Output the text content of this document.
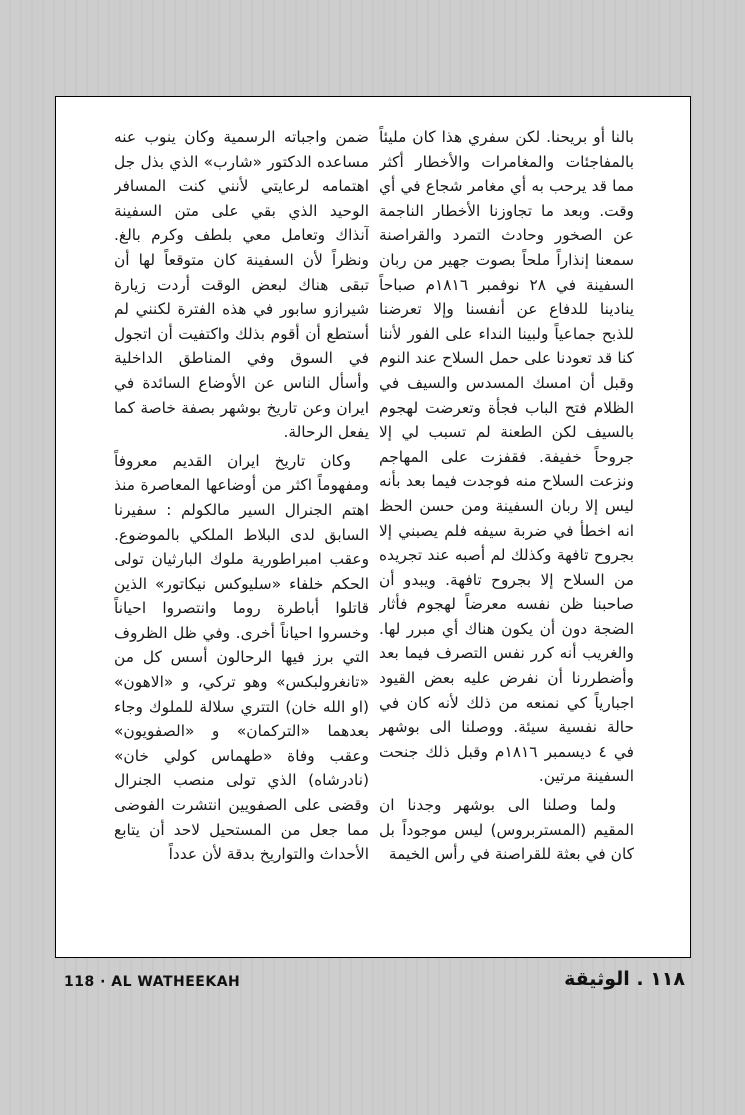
بالنا أو بريحنا. لكن سفري هذا كان مليئاً بالمفاجئات والمغامرات والأخطار أكثر مما قد يرحب به أي مغامر شجاع في أي وقت. وبعد ما تجاوزنا الأخطار الناجمة عن الصخور وحادث التمرد والقراصنة سمعنا إنذاراً ملحاً بصوت جهير من ربان السفينة في ٢٨ نوفمبر ١٨١٦م صباحاً ينادينا للدفاع عن أنفسنا وإلا تعرضنا للذبح جماعياً ولبينا النداء على الفور لأننا كنا قد تعودنا على حمل السلاح عند النوم وقبل أن امسك المسدس والسيف في الظلام فتح الباب فجأة وتعرضت لهجوم بالسيف لكن الطعنة لم تسبب لي إلا جروحاً خفيفة. فقفزت على المهاجم ونزعت السلاح منه فوجدت فيما بعد بأنه ليس إلا ربان السفينة ومن حسن الحظ انه اخطأ في ضربة سيفه فلم يصبني إلا بجروح تافهة وكذلك لم أصبه عند تجريده من السلاح إلا بجروح تافهة. ويبدو أن صاحبنا ظن نفسه معرضاً لهجوم فأثار الضجة دون أن يكون هناك أي مبرر لها. والغريب أنه كرر نفس التصرف فيما بعد وأضطررنا أن نفرض عليه بعض القيود اجبارياً كي نمنعه من ذلك لأنه كان في حالة نفسية سيئة. ووصلنا الى بوشهر في ٤ ديسمبر ١٨١٦م وقبل ذلك جنحت السفينة مرتين.

ولما وصلنا الى بوشهر وجدنا ان المقيم (المستربروس) ليس موجوداً بل كان في بعثة للقراصنة في رأس الخيمة

ضمن واجباته الرسمية وكان ينوب عنه مساعده الدكتور «شارب» الذي بذل جل اهتمامه لرعايتي لأنني كنت المسافر الوحيد الذي بقي على متن السفينة آنذاك وتعامل معي بلطف وكرم بالغ. ونظراً لأن السفينة كان متوقعاً لها أن تبقى هناك لبعض الوقت أردت زيارة شيرازو سابور في هذه الفترة لكنني لم أستطع أن أقوم بذلك واكتفيت أن اتجول في السوق وفي المناطق الداخلية وأسأل الناس عن الأوضاع السائدة في ايران وعن تاريخ بوشهر بصفة خاصة كما يفعل الرحالة.

وكان تاريخ ايران القديم معروفاً ومفهوماً اكثر من أوضاعها المعاصرة منذ اهتم الجنرال السير مالكولم : سفيرنا السابق لدى البلاط الملكي بالموضوع. وعقب امبراطورية ملوك البارثيان تولى الحكم خلفاء «سليوكس نيكاتور» الذين قاتلوا أباطرة روما وانتصروا احياناً وخسروا احياناً أخرى. وفي ظل الظروف التي برز فيها الرحالون أسس كل من «تانغرولبكس» وهو تركي، و «الاهون» (او الله خان) التتري سلالة للملوك وجاء بعدهما «التركمان» و «الصفويون» وعقب وفاة «طهماس كولي خان» (نادرشاه) الذي تولى منصب الجنرال وقضى على الصفويين انتشرت الفوضى مما جعل من المستحيل لاحد أن يتابع الأحداث والتواريخ بدقة لأن عدداً

118 · AL WATHEEKAH	١١٨ . الوثيقة
